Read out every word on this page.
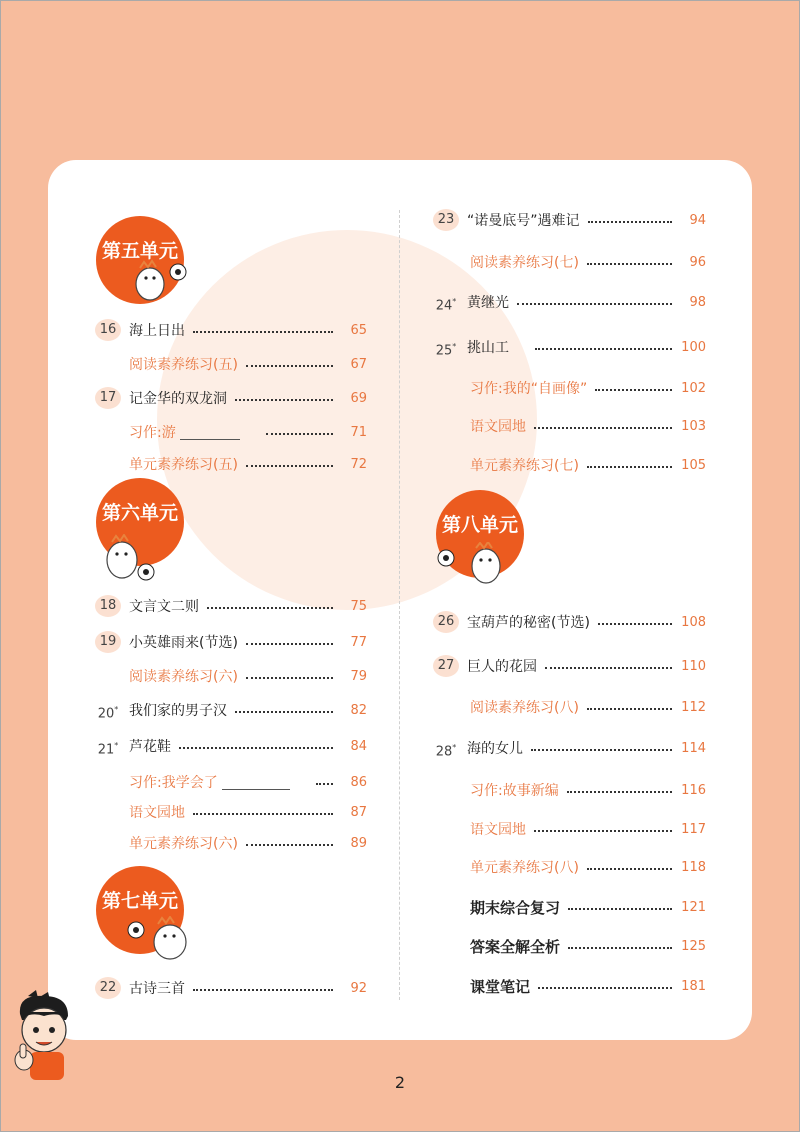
第五单元
第六单元
第七单元
第八单元
16 海上日出	65
阅读素养练习(五)	67
17 记金华的双龙洞	69
习作:游	71
单元素养练习(五)	72
18 文言文二则	75
19 小英雄雨来(节选)	77
阅读素养练习(六)	79
20* 我们家的男子汉	82
21* 芦花鞋	84
习作:我学会了	86
语文园地	87
单元素养练习(六)	89
22 古诗三首	92
23 “诺曼底号”遇难记	94
阅读素养练习(七)	96
24* 黄继光	98
25* 挑山工	100
习作:我的“自画像”	102
语文园地	103
单元素养练习(七)	105
26 宝葫芦的秘密(节选)	108
27 巨人的花园	110
阅读素养练习(八)	112
28* 海的女儿	114
习作:故事新编	116
语文园地	117
单元素养练习(八)	118
期末综合复习	121
答案全解全析	125
课堂笔记	181
2
